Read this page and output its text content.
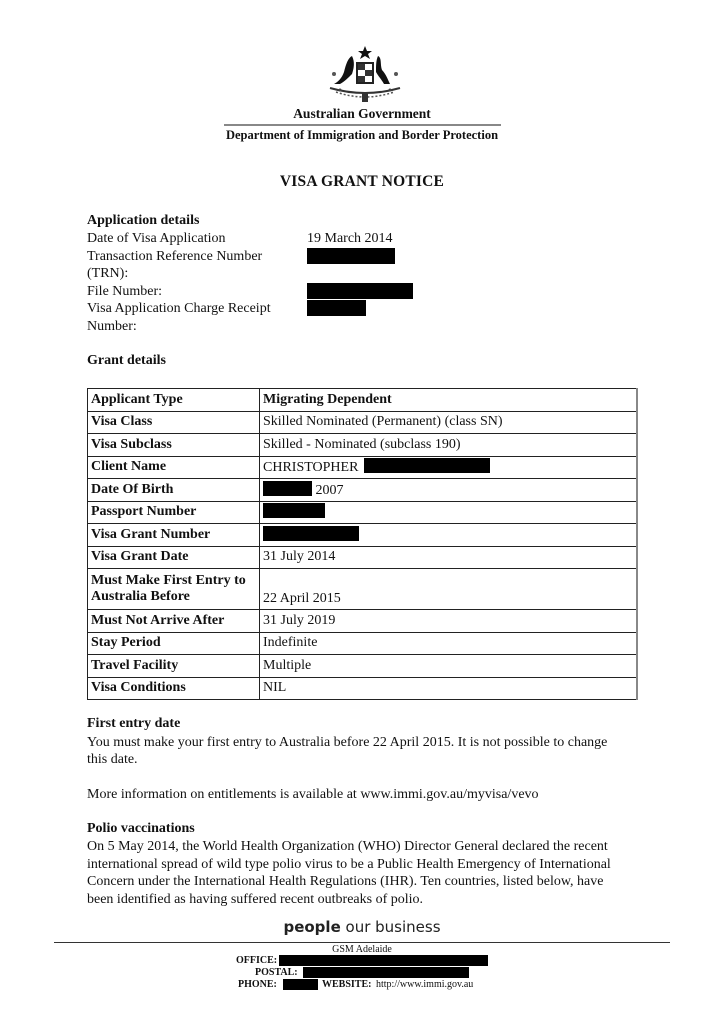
Australian Government
Department of Immigration and Border Protection
VISA GRANT NOTICE
Application details
Date of Visa Application	19 March 2014
Transaction Reference Number
(TRN):
File Number:
Visa Application Charge Receipt
Number:
Grant details
Applicant Type	Migrating Dependent
Visa Class	Skilled Nominated (Permanent) (class SN)
Visa Subclass	Skilled - Nominated (subclass 190)
Client Name	CHRISTOPHER
Date Of Birth	2007
Passport Number	
Visa Grant Number	
Visa Grant Date	31 July 2014
Must Make First Entry to
Australia Before	22 April 2015
Must Not Arrive After	31 July 2019
Stay Period	Indefinite
Travel Facility	Multiple
Visa Conditions	NIL
First entry date
You must make your first entry to Australia before 22 April 2015. It is not possible to change
this date.
More information on entitlements is available at www.immi.gov.au/myvisa/vevo
Polio vaccinations
On 5 May 2014, the World Health Organization (WHO) Director General declared the recent
international spread of wild type polio virus to be a Public Health Emergency of International
Concern under the International Health Regulations (IHR). Ten countries, listed below, have
been identified as having suffered recent outbreaks of polio.
people our business
GSM Adelaide
OFFICE:
POSTAL:
PHONE:	WEBSITE: http://www.immi.gov.au
